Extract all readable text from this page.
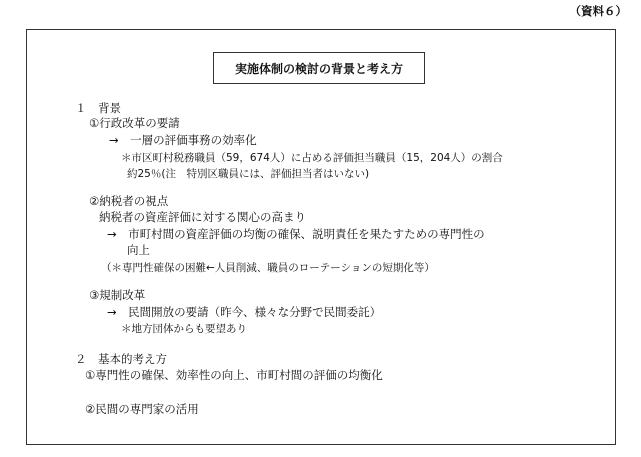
（資料６）
実施体制の検討の背景と考え方
１　背景
①行政改革の要請
→　一層の評価事務の効率化
＊市区町村税務職員（59，674人）に占める評価担当職員（15，204人）の割合
約25％(注　特別区職員には、評価担当者はいない)
②納税者の視点
納税者の資産評価に対する関心の高まり
→　市町村間の資産評価の均衡の確保、説明責任を果たすための専門性の
向上
（＊専門性確保の困難←人員削減、職員のローテーションの短期化等）
③規制改革
→　民間開放の要請（昨今、様々な分野で民間委託）
＊地方団体からも要望あり
２　基本的考え方
①専門性の確保、効率性の向上、市町村間の評価の均衡化
②民間の専門家の活用
